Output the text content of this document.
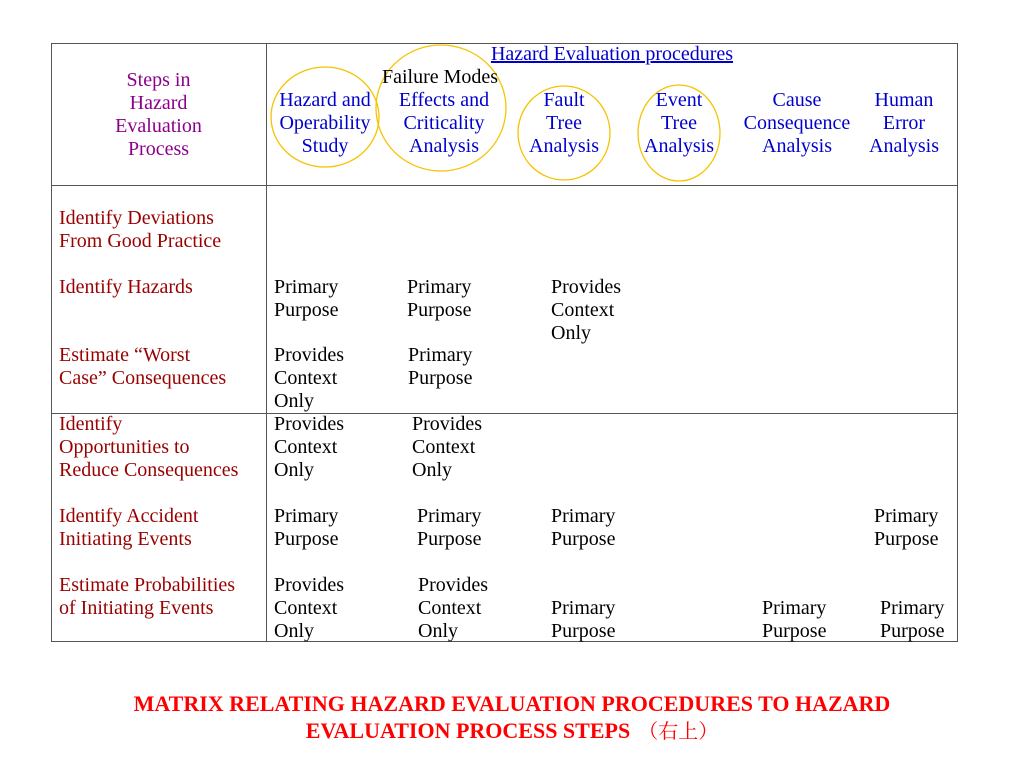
Steps in
Hazard
Evaluation
Process
Hazard Evaluation procedures
Hazard and
Operability
Study
Failure Modes
Effects and
Criticality
Analysis
Fault
Tree
Analysis
Event
Tree
Analysis
Cause
Consequence
Analysis
Human
Error
Analysis
Identify Deviations
From Good Practice
Identify Hazards
Estimate “Worst
Case” Consequences
Identify
Opportunities to
Reduce Consequences
Identify Accident
Initiating Events
Estimate Probabilities
of Initiating Events
Primary
Purpose
Primary
Purpose
Provides
Context
Only
Provides
Context
Only
Primary
Purpose
Provides
Context
Only
Provides
Context
Only
Primary
Purpose
Primary
Purpose
Primary
Purpose
Primary
Purpose
Provides
Context
Only
Provides
Context
Only
Primary
Purpose
Primary
Purpose
Primary
Purpose
MATRIX RELATING HAZARD EVALUATION PROCEDURES TO HAZARD
EVALUATION PROCESS STEPS （右上）
